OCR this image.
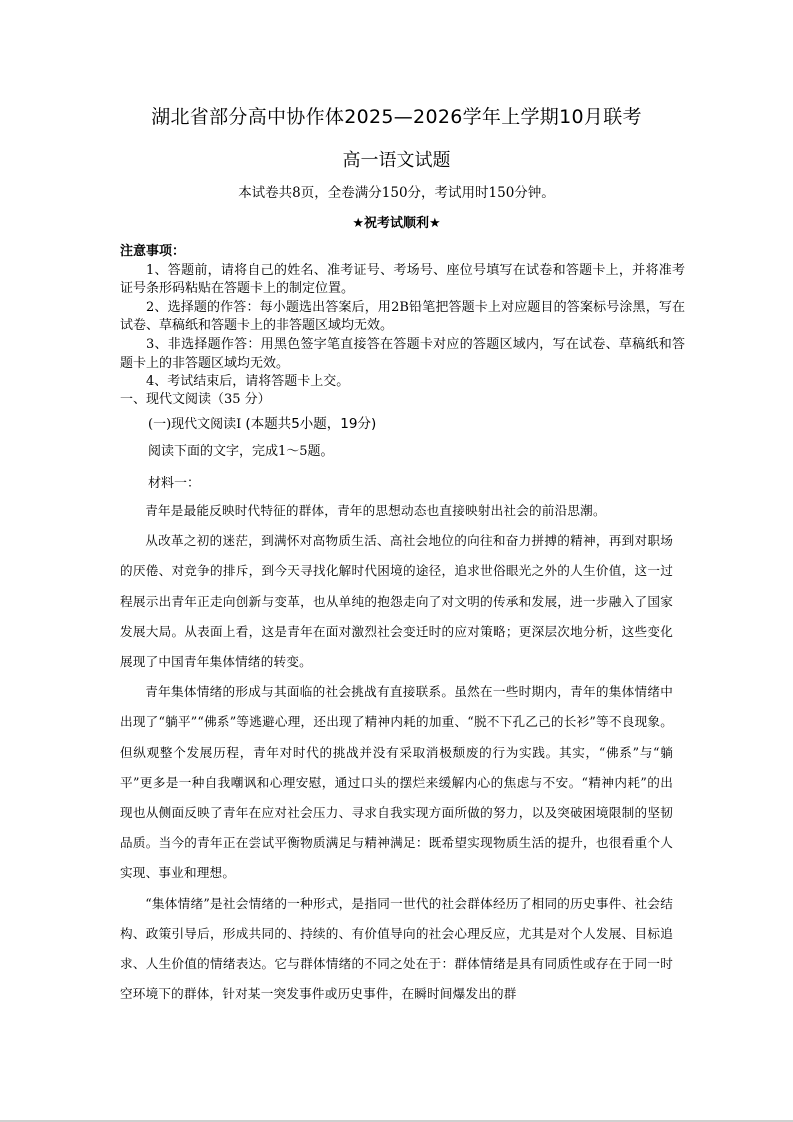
湖北省部分高中协作体2025—2026学年上学期10月联考
高一语文试题
本试卷共8页，全卷满分150分，考试用时150分钟。
★祝考试顺利★
注意事项：

1、答题前，请将自己的姓名、准考证号、考场号、座位号填写在试卷和答题卡上，并将准考证号条形码粘贴在答题卡上的制定位置。

2、选择题的作答：每小题选出答案后，用2B铅笔把答题卡上对应题目的答案标号涂黑，写在试卷、草稿纸和答题卡上的非答题区域均无效。

3、非选择题作答：用黑色签字笔直接答在答题卡对应的答题区域内，写在试卷、草稿纸和答题卡上的非答题区域均无效。

4、考试结束后，请将答题卡上交。

一、现代文阅读（35 分）
(一)现代文阅读Ⅰ (本题共5小题，19分)
阅读下面的文字，完成1～5题。
材料一：

青年是最能反映时代特征的群体，青年的思想动态也直接映射出社会的前沿思潮。

从改革之初的迷茫，到满怀对高物质生活、高社会地位的向往和奋力拼搏的精神，再到对职场的厌倦、对竞争的排斥，到今天寻找化解时代困境的途径，追求世俗眼光之外的人生价值，这一过程展示出青年正走向创新与变革，也从单纯的抱怨走向了对文明的传承和发展，进一步融入了国家发展大局。从表面上看，这是青年在面对激烈社会变迁时的应对策略；更深层次地分析，这些变化展现了中国青年集体情绪的转变。

青年集体情绪的形成与其面临的社会挑战有直接联系。虽然在一些时期内，青年的集体情绪中出现了“躺平”“佛系”等逃避心理，还出现了精神内耗的加重、“脱不下孔乙己的长衫”等不良现象。但纵观整个发展历程，青年对时代的挑战并没有采取消极颓废的行为实践。其实，“佛系”与“躺平”更多是一种自我嘲讽和心理安慰，通过口头的摆烂来缓解内心的焦虑与不安。“精神内耗”的出现也从侧面反映了青年在应对社会压力、寻求自我实现方面所做的努力，以及突破困境限制的坚韧品质。当今的青年正在尝试平衡物质满足与精神满足：既希望实现物质生活的提升，也很看重个人实现、事业和理想。

“集体情绪”是社会情绪的一种形式，是指同一世代的社会群体经历了相同的历史事件、社会结构、政策引导后，形成共同的、持续的、有价值导向的社会心理反应，尤其是对个人发展、目标追求、人生价值的情绪表达。它与群体情绪的不同之处在于：群体情绪是具有同质性或存在于同一时空环境下的群体，针对某一突发事件或历史事件，在瞬时间爆发出的群
